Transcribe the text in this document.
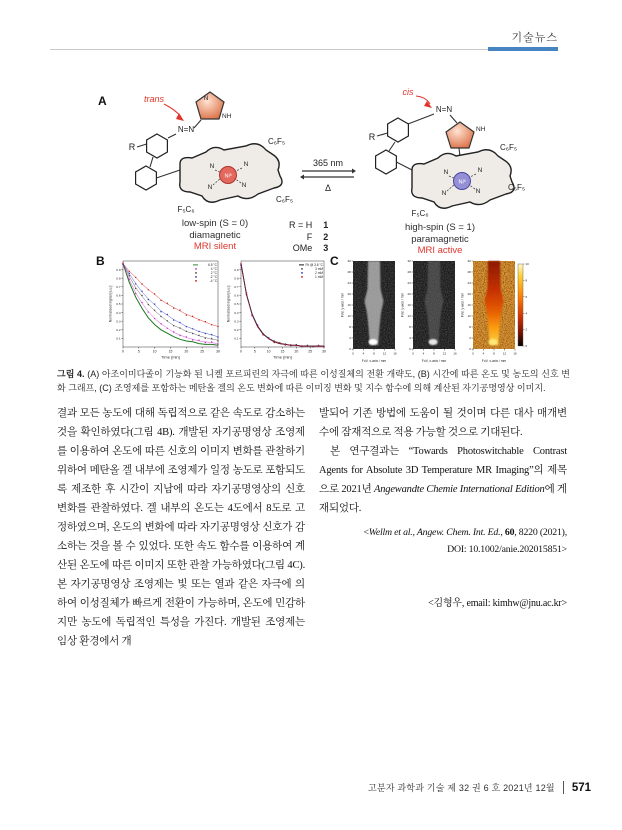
기술뉴스
A	trans	N
NH
N=N
R
N	N
N	N
Niᴵᴵ
C₆F₅
C₆F₅
F₅C₆
365 nm
Δ
R = H	1
F	2
OMe	3
cis
N=N
NH
R
N	N
N	N
Niᴵᴵ
C₆F₅
C₆F₅
F₅C₆
low-spin (S = 0)
diamagnetic
MRI silent
high-spin (S = 1)
paramagnetic
MRI active
B
0	5	10	15	20	25	30
0.1
0.2
0.3
0.4
0.5
0.6
0.7
0.8
0.9
Time [min]
Normalized signal [a.u.]
6.5 °C
4 °C
2 °C
-2 °C
-4 °C
0	5	10	15	20	25	30
0.1
0.2
0.3
0.4
0.5
0.6
0.7
0.8
0.9
Time [min]
Normalized signal [a.u.]
Fit @ 3.6 °C
3 mM
2 mM
1 mM
C
0
4
8
12
16
20
24
28
32
0	4	8	12 16
FoV, x-axis / mm
FoV, y-axis / mm
0
4
8
12
16
20
24
28
32
0	4	8	12 16
FoV, x-axis / mm
FoV, y-axis / mm
0
4
8
12
16
20
24
28
32
0	4	8	12 16
FoV, x-axis / mm
FoV, y-axis / mm
10
8
6
4
2
0
그림 4. (A) 아조이미다졸이 기능화 된 니켈 포르피린의 자극에 따른 이성질체의 전환 개략도, (B) 시간에 따른 온도 및 농도의 신호 변화 그래프, (C) 조영제를 포함하는 메탄올 겔의 온도 변화에 따른 이미징 변화 및 지수 함수에 의해 계산된 자기공명영상 이미지.

결과 모든 농도에 대해 독립적으로 같은 속도로 감소하는 것을 확인하였다(그림 4B). 개발된 자기공명영상 조영제를 이용하여 온도에 따른 신호의 이미지 변화를 관찰하기 위하여 메탄올 겔 내부에 조영제가 일정 농도로 포함되도록 제조한 후 시간이 지남에 따라 자기공명영상의 신호 변화를 관찰하였다. 겔 내부의 온도는 4도에서 8도로 고정하였으며, 온도의 변화에 따라 자기공명영상 신호가 감소하는 것을 볼 수 있었다. 또한 속도 함수를 이용하여 계산된 온도에 따른 이미지 또한 관찰 가능하였다(그림 4C). 본 자기공명영상 조영제는 빛 또는 열과 같은 자극에 의하여 이성질체가 빠르게 전환이 가능하며, 온도에 민감하지만 농도에 독립적인 특성을 가진다. 개발된 조영제는 임상 환경에서 개

발되어 기존 방법에 도움이 될 것이며 다른 대사 매개변수에 잠재적으로 적용 가능할 것으로 기대된다.

본 연구결과는 “Towards Photoswitchable Contrast Agents for Absolute 3D Temperature MR Imaging”의 제목으로 2021년 Angewandte Chemie International Edition에 게재되었다.

<Wellm et al., Angew. Chem. Int. Ed., 60, 8220 (2021),
DOI: 10.1002/anie.202015851>
<김형우, email: kimhw@jnu.ac.kr>
고분자 과학과 기술 제 32 권 6 호 2021년 12월 571
